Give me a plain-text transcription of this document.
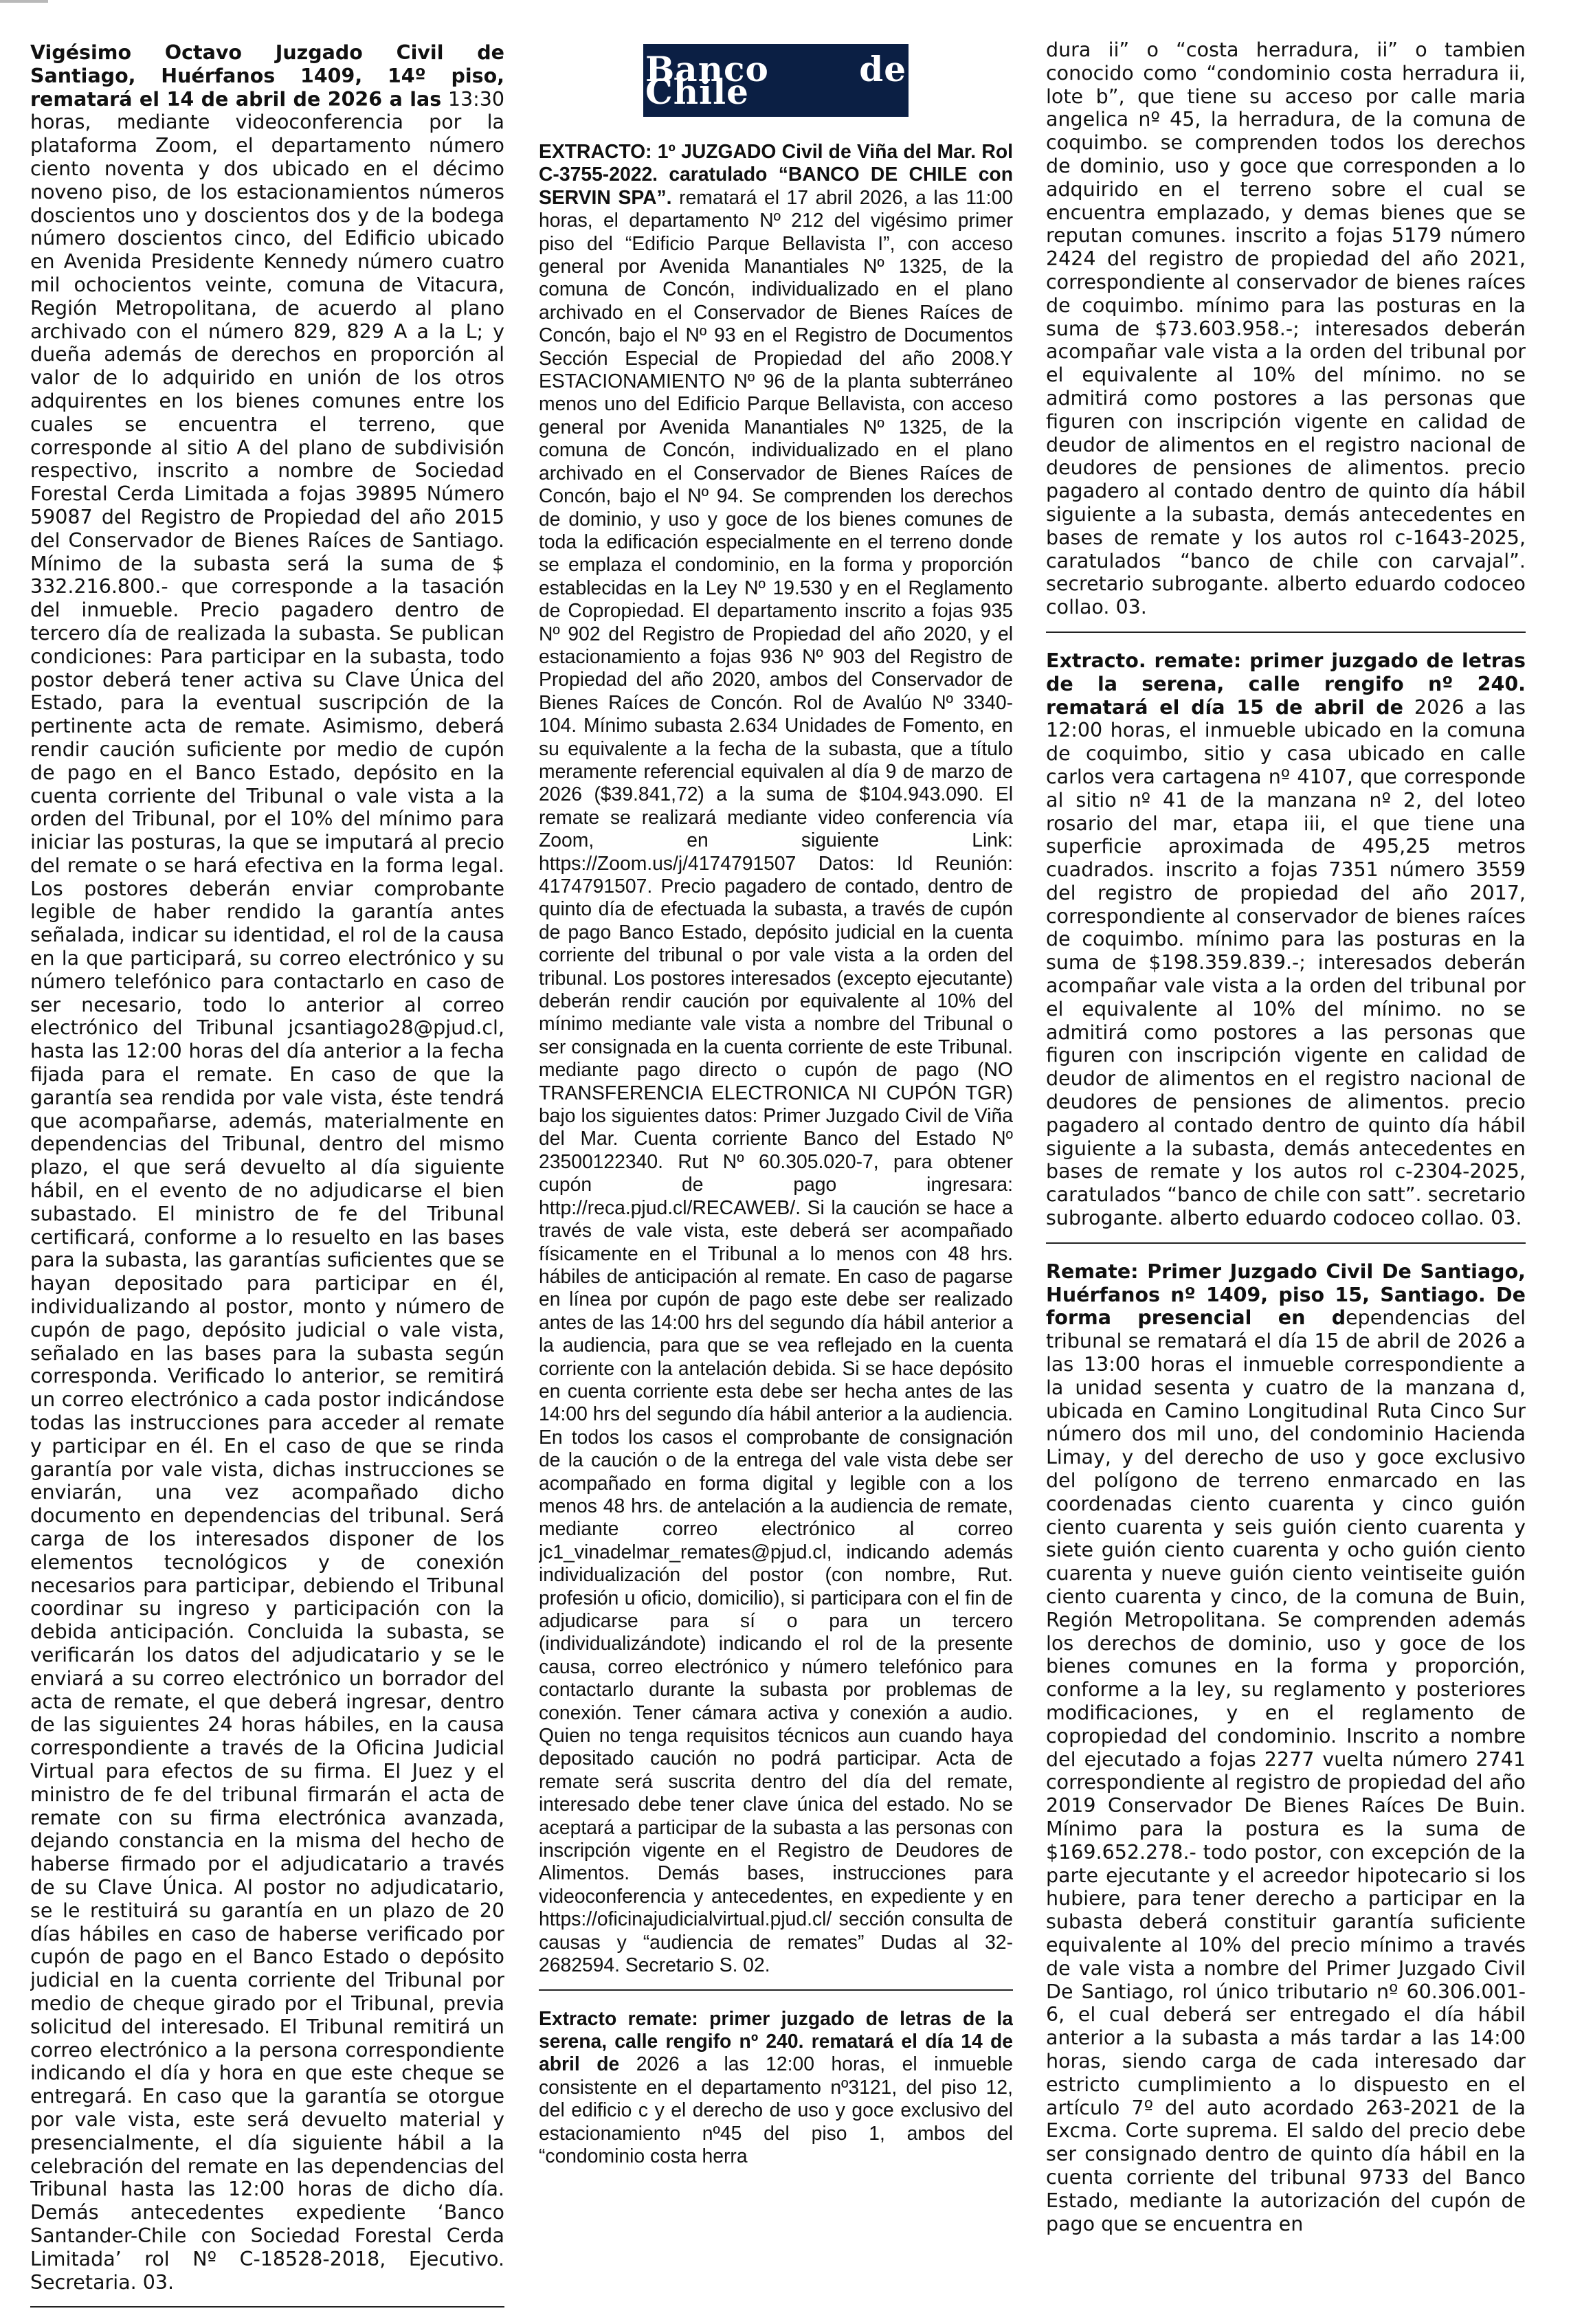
Vigésimo Octavo Juzgado Civil de Santiago, Huérfanos 1409, 14º piso, rematará el 14 de abril de 2026 a las 13:30 horas, mediante videoconferencia por la plataforma Zoom, el departamento número ciento noventa y dos ubicado en el décimo noveno piso, de los estacionamientos números doscientos uno y doscientos dos y de la bodega número doscientos cinco, del Edificio ubicado en Avenida Presidente Kennedy número cuatro mil ochocientos veinte, comuna de Vitacura, Región Metropolitana, de acuerdo al plano archivado con el número 829, 829 A a la L; y dueña además de derechos en proporción al valor de lo adquirido en unión de los otros adquirentes en los bienes comunes entre los cuales se encuentra el terreno, que corresponde al sitio A del plano de subdivisión respectivo, inscrito a nombre de Sociedad Forestal Cerda Limitada a fojas 39895 Número 59087 del Registro de Propiedad del año 2015 del Conservador de Bienes Raíces de Santiago. Mínimo de la subasta será la suma de $ 332.216.800.- que corresponde a la tasación del inmueble. Precio pagadero dentro de tercero día de realizada la subasta. Se publican condiciones: Para participar en la subasta, todo postor deberá tener activa su Clave Única del Estado, para la eventual suscripción de la pertinente acta de remate. Asimismo, deberá rendir caución suficiente por medio de cupón de pago en el Banco Estado, depósito en la cuenta corriente del Tribunal o vale vista a la orden del Tribunal, por el 10% del mínimo para iniciar las posturas, la que se imputará al precio del remate o se hará efectiva en la forma legal. Los postores deberán enviar comprobante legible de haber rendido la garantía antes señalada, indicar su identidad, el rol de la causa en la que participará, su correo electrónico y su número telefónico para contactarlo en caso de ser necesario, todo lo anterior al correo electrónico del Tribunal jcsantiago28@pjud.cl, hasta las 12:00 horas del día anterior a la fecha fijada para el remate. En caso de que la garantía sea rendida por vale vista, éste tendrá que acompañarse, además, materialmente en dependencias del Tribunal, dentro del mismo plazo, el que será devuelto al día siguiente hábil, en el evento de no adjudicarse el bien subastado. El ministro de fe del Tribunal certificará, conforme a lo resuelto en las bases para la subasta, las garantías suficientes que se hayan depositado para participar en él, individualizando al postor, monto y número de cupón de pago, depósito judicial o vale vista, señalado en las bases para la subasta según corresponda. Verificado lo anterior, se remitirá un correo electrónico a cada postor indicándose todas las instrucciones para acceder al remate y participar en él. En el caso de que se rinda garantía por vale vista, dichas instrucciones se enviarán, una vez acompañado dicho documento en dependencias del tribunal. Será carga de los interesados disponer de los elementos tecnológicos y de conexión necesarios para participar, debiendo el Tribunal coordinar su ingreso y participación con la debida anticipación. Concluida la subasta, se verificarán los datos del adjudicatario y se le enviará a su correo electrónico un borrador del acta de remate, el que deberá ingresar, dentro de las siguientes 24 horas hábiles, en la causa correspondiente a través de la Oficina Judicial Virtual para efectos de su firma. El Juez y el ministro de fe del tribunal firmarán el acta de remate con su firma electrónica avanzada, dejando constancia en la misma del hecho de haberse firmado por el adjudicatario a través de su Clave Única. Al postor no adjudicatario, se le restituirá su garantía en un plazo de 20 días hábiles en caso de haberse verificado por cupón de pago en el Banco Estado o depósito judicial en la cuenta corriente del Tribunal por medio de cheque girado por el Tribunal, previa solicitud del interesado. El Tribunal remitirá un correo electrónico a la persona correspondiente indicando el día y hora en que este cheque se entregará. En caso que la garantía se otorgue por vale vista, este será devuelto material y presencialmente, el día siguiente hábil a la celebración del remate en las dependencias del Tribunal hasta las 12:00 horas de dicho día. Demás antecedentes expediente ‘Banco Santander-Chile con Sociedad Forestal Cerda Limitada’ rol Nº C-18528-2018, Ejecutivo. Secretaria. 03.

Banco de Chile

EXTRACTO: 1º JUZGADO Civil de Viña del Mar. Rol C-3755-2022. caratulado “BANCO DE CHILE con SERVIN SPA”. rematará el 17 abril 2026, a las 11:00 horas, el departamento Nº 212 del vigésimo primer piso del “Edificio Parque Bellavista I”, con acceso general por Avenida Manantiales Nº 1325, de la comuna de Concón, individualizado en el plano archivado en el Conservador de Bienes Raíces de Concón, bajo el Nº 93 en el Registro de Documentos Sección Especial de Propiedad del año 2008.Y ESTACIONAMIENTO Nº 96 de la planta subterráneo menos uno del Edificio Parque Bellavista, con acceso general por Avenida Manantiales Nº 1325, de la comuna de Concón, individualizado en el plano archivado en el Conservador de Bienes Raíces de Concón, bajo el Nº 94. Se comprenden los derechos de dominio, y uso y goce de los bienes comunes de toda la edificación especialmente en el terreno donde se emplaza el condominio, en la forma y proporción establecidas en la Ley Nº 19.530 y en el Reglamento de Copropiedad. El departamento inscrito a fojas 935 Nº 902 del Registro de Propiedad del año 2020, y el estacionamiento a fojas 936 Nº 903 del Registro de Propiedad del año 2020, ambos del Conservador de Bienes Raíces de Concón. Rol de Avalúo Nº 3340-104. Mínimo subasta 2.634 Unidades de Fomento, en su equivalente a la fecha de la subasta, que a título meramente referencial equivalen al día 9 de marzo de 2026 ($39.841,72) a la suma de $104.943.090. El remate se realizará mediante video conferencia vía Zoom, en siguiente Link: https://Zoom.us/j/4174791507 Datos: Id Reunión: 4174791507. Precio pagadero de contado, dentro de quinto día de efectuada la subasta, a través de cupón de pago Banco Estado, depósito judicial en la cuenta corriente del tribunal o por vale vista a la orden del tribunal. Los postores interesados (excepto ejecutante) deberán rendir caución por equivalente al 10% del mínimo mediante vale vista a nombre del Tribunal o ser consignada en la cuenta corriente de este Tribunal. mediante pago directo o cupón de pago (NO TRANSFERENCIA ELECTRONICA NI CUPÓN TGR) bajo los siguientes datos: Primer Juzgado Civil de Viña del Mar. Cuenta corriente Banco del Estado Nº 23500122340. Rut Nº 60.305.020-7, para obtener cupón de pago ingresara: http://reca.pjud.cl/RECAWEB/. Si la caución se hace a través de vale vista, este deberá ser acompañado físicamente en el Tribunal a lo menos con 48 hrs. hábiles de anticipación al remate. En caso de pagarse en línea por cupón de pago este debe ser realizado antes de las 14:00 hrs del segundo día hábil anterior a la audiencia, para que se vea reflejado en la cuenta corriente con la antelación debida. Si se hace depósito en cuenta corriente esta debe ser hecha antes de las 14:00 hrs del segundo día hábil anterior a la audiencia. En todos los casos el comprobante de consignación de la caución o de la entrega del vale vista debe ser acompañado en forma digital y legible con a los menos 48 hrs. de antelación a la audiencia de remate, mediante correo electrónico al correo jc1_vinadelmar_remates@pjud.cl, indicando además individualización del postor (con nombre, Rut. profesión u oficio, domicilio), si participara con el fin de adjudicarse para sí o para un tercero (individualizándote) indicando el rol de la presente causa, correo electrónico y número telefónico para contactarlo durante la subasta por problemas de conexión. Tener cámara activa y conexión a audio. Quien no tenga requisitos técnicos aun cuando haya depositado caución no podrá participar. Acta de remate será suscrita dentro del día del remate, interesado debe tener clave única del estado. No se aceptará a participar de la subasta a las personas con inscripción vigente en el Registro de Deudores de Alimentos. Demás bases, instrucciones para videoconferencia y antecedentes, en expediente y en https://oficinajudicialvirtual.pjud.cl/ sección consulta de causas y “audiencia de remates” Dudas al 32-2682594. Secretario S. 02.

Extracto remate: primer juzgado de letras de la serena, calle rengifo nº 240. rematará el día 14 de abril de 2026 a las 12:00 horas, el inmueble consistente en el departamento nº3121, del piso 12, del edificio c y el derecho de uso y goce exclusivo del estacionamiento nº45 del piso 1, ambos del “condominio costa herra

dura ii” o “costa herradura, ii” o tambien conocido como “condominio costa herradura ii, lote b”, que tiene su acceso por calle maria angelica nº 45, la herradura, de la comuna de coquimbo. se comprenden todos los derechos de dominio, uso y goce que corresponden a lo adquirido en el terreno sobre el cual se encuentra emplazado, y demas bienes que se reputan comunes. inscrito a fojas 5179 número 2424 del registro de propiedad del año 2021, correspondiente al conservador de bienes raíces de coquimbo. mínimo para las posturas en la suma de $73.603.958.-; interesados deberán acompañar vale vista a la orden del tribunal por el equivalente al 10% del mínimo. no se admitirá como postores a las personas que figuren con inscripción vigente en calidad de deudor de alimentos en el registro nacional de deudores de pensiones de alimentos. precio pagadero al contado dentro de quinto día hábil siguiente a la subasta, demás antecedentes en bases de remate y los autos rol c-1643-2025, caratulados “banco de chile con carvajal”. secretario subrogante. alberto eduardo codoceo collao. 03.

Extracto. remate: primer juzgado de letras de la serena, calle rengifo nº 240. rematará el día 15 de abril de 2026 a las 12:00 horas, el inmueble ubicado en la comuna de coquimbo, sitio y casa ubicado en calle carlos vera cartagena nº 4107, que corresponde al sitio nº 41 de la manzana nº 2, del loteo rosario del mar, etapa iii, el que tiene una superficie aproximada de 495,25 metros cuadrados. inscrito a fojas 7351 número 3559 del registro de propiedad del año 2017, correspondiente al conservador de bienes raíces de coquimbo. mínimo para las posturas en la suma de $198.359.839.-; interesados deberán acompañar vale vista a la orden del tribunal por el equivalente al 10% del mínimo. no se admitirá como postores a las personas que figuren con inscripción vigente en calidad de deudor de alimentos en el registro nacional de deudores de pensiones de alimentos. precio pagadero al contado dentro de quinto día hábil siguiente a la subasta, demás antecedentes en bases de remate y los autos rol c-2304-2025, caratulados “banco de chile con satt”. secretario subrogante. alberto eduardo codoceo collao. 03.

Remate: Primer Juzgado Civil De Santiago, Huérfanos nº 1409, piso 15, Santiago. De forma presencial en dependencias del tribunal se rematará el día 15 de abril de 2026 a las 13:00 horas el inmueble correspondiente a la unidad sesenta y cuatro de la manzana d, ubicada en Camino Longitudinal Ruta Cinco Sur número dos mil uno, del condominio Hacienda Limay, y del derecho de uso y goce exclusivo del polígono de terreno enmarcado en las coordenadas ciento cuarenta y cinco guión ciento cuarenta y seis guión ciento cuarenta y siete guión ciento cuarenta y ocho guión ciento cuarenta y nueve guión ciento veintiseite guión ciento cuarenta y cinco, de la comuna de Buin, Región Metropolitana. Se comprenden además los derechos de dominio, uso y goce de los bienes comunes en la forma y proporción, conforme a la ley, su reglamento y posteriores modificaciones, y en el reglamento de copropiedad del condominio. Inscrito a nombre del ejecutado a fojas 2277 vuelta número 2741 correspondiente al registro de propiedad del año 2019 Conservador De Bienes Raíces De Buin. Mínimo para la postura es la suma de $169.652.278.- todo postor, con excepción de la parte ejecutante y el acreedor hipotecario si los hubiere, para tener derecho a participar en la subasta deberá constituir garantía suficiente equivalente al 10% del precio mínimo a través de vale vista a nombre del Primer Juzgado Civil De Santiago, rol único tributario nº 60.306.001-6, el cual deberá ser entregado el día hábil anterior a la subasta a más tardar a las 14:00 horas, siendo carga de cada interesado dar estricto cumplimiento a lo dispuesto en el artículo 7º del auto acordado 263-2021 de la Excma. Corte suprema. El saldo del precio debe ser consignado dentro de quinto día hábil en la cuenta corriente del tribunal 9733 del Banco Estado, mediante la autorización del cupón de pago que se encuentra en
